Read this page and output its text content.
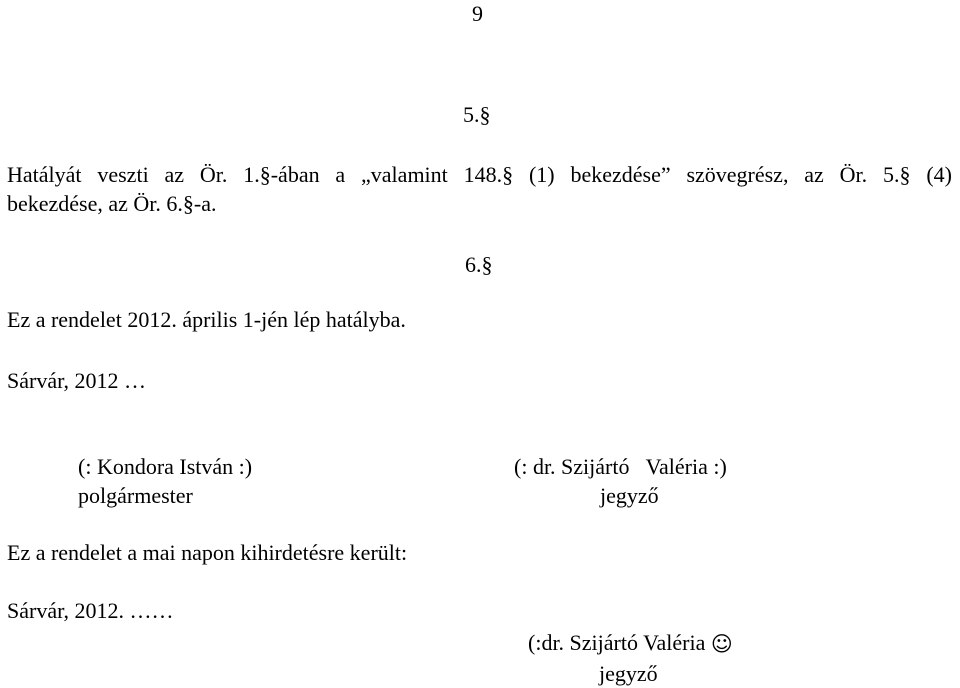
9
5.§
Hatályát veszti az Ör. 1.§-ában a „valamint 148.§ (1) bekezdése” szövegrész, az Ör. 5.§ (4)
bekezdése, az Ör. 6.§-a.
6.§
Ez a rendelet 2012. április 1-jén lép hatályba.
Sárvár, 2012 …
(: Kondora István :)
polgármester
(: dr. Szijártó   Valéria :)
jegyző
Ez a rendelet a mai napon kihirdetésre került:
Sárvár, 2012. ……
(:dr. Szijártó Valéria ☺
jegyző
